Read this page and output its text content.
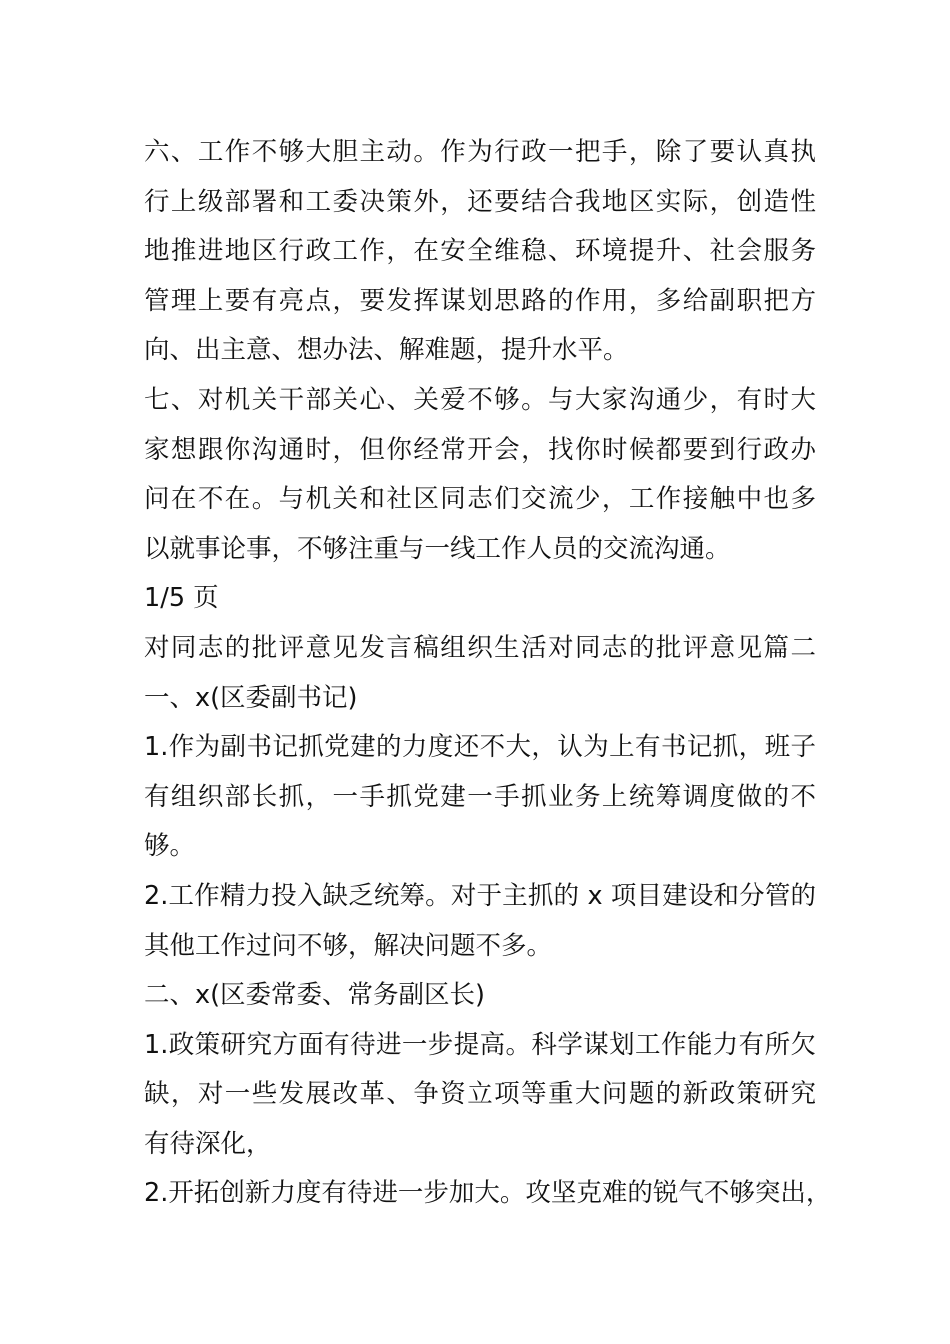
六、工作不够大胆主动。作为行政一把手，除了要认真执
行上级部署和工委决策外，还要结合我地区实际，创造性
地推进地区行政工作，在安全维稳、环境提升、社会服务
管理上要有亮点，要发挥谋划思路的作用，多给副职把方
向、出主意、想办法、解难题，提升水平。
七、对机关干部关心、关爱不够。与大家沟通少，有时大
家想跟你沟通时，但你经常开会，找你时候都要到行政办
问在不在。与机关和社区同志们交流少，工作接触中也多
以就事论事，不够注重与一线工作人员的交流沟通。
1/5 页
对同志的批评意见发言稿组织生活对同志的批评意见篇二
一、x(区委副书记)
1.作为副书记抓党建的力度还不大，认为上有书记抓，班子
有组织部长抓，一手抓党建一手抓业务上统筹调度做的不
够。
2.工作精力投入缺乏统筹。对于主抓的 x 项目建设和分管的
其他工作过问不够，解决问题不多。
二、x(区委常委、常务副区长)
1.政策研究方面有待进一步提高。科学谋划工作能力有所欠
缺，对一些发展改革、争资立项等重大问题的新政策研究
有待深化，
2.开拓创新力度有待进一步加大。攻坚克难的锐气不够突出，
